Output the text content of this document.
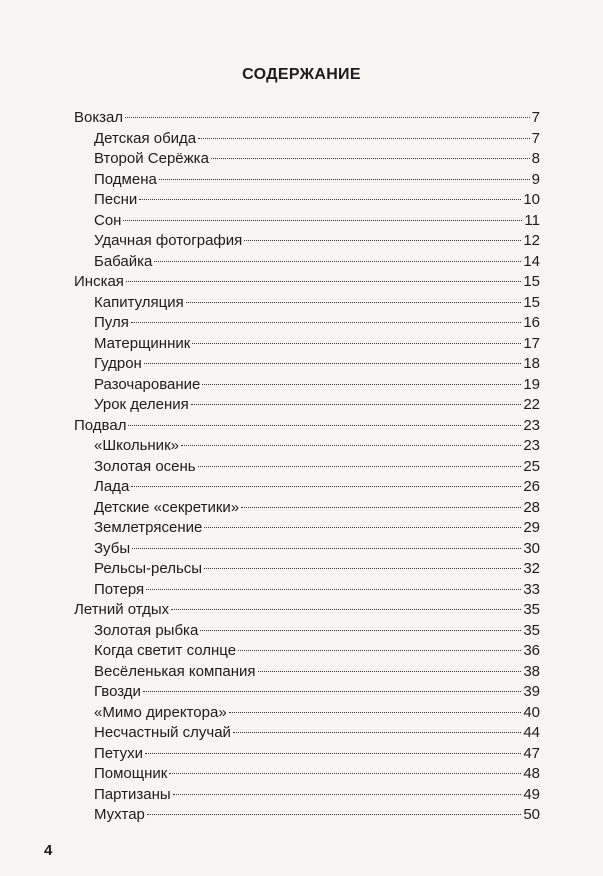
СОДЕРЖАНИЕ
Вокзал	7
Детская обида	7
Второй Серёжка	8
Подмена	9
Песни	10
Сон	11
Удачная фотография	12
Бабайка	14
Инская	15
Капитуляция	15
Пуля	16
Матерщинник	17
Гудрон	18
Разочарование	19
Урок деления	22
Подвал	23
«Школьник»	23
Золотая осень	25
Лада	26
Детские «секретики»	28
Землетрясение	29
Зубы	30
Рельсы-рельсы	32
Потеря	33
Летний отдых	35
Золотая рыбка	35
Когда светит солнце	36
Весёленькая компания	38
Гвозди	39
«Мимо директора»	40
Несчастный случай	44
Петухи	47
Помощник	48
Партизаны	49
Мухтар	50
4
